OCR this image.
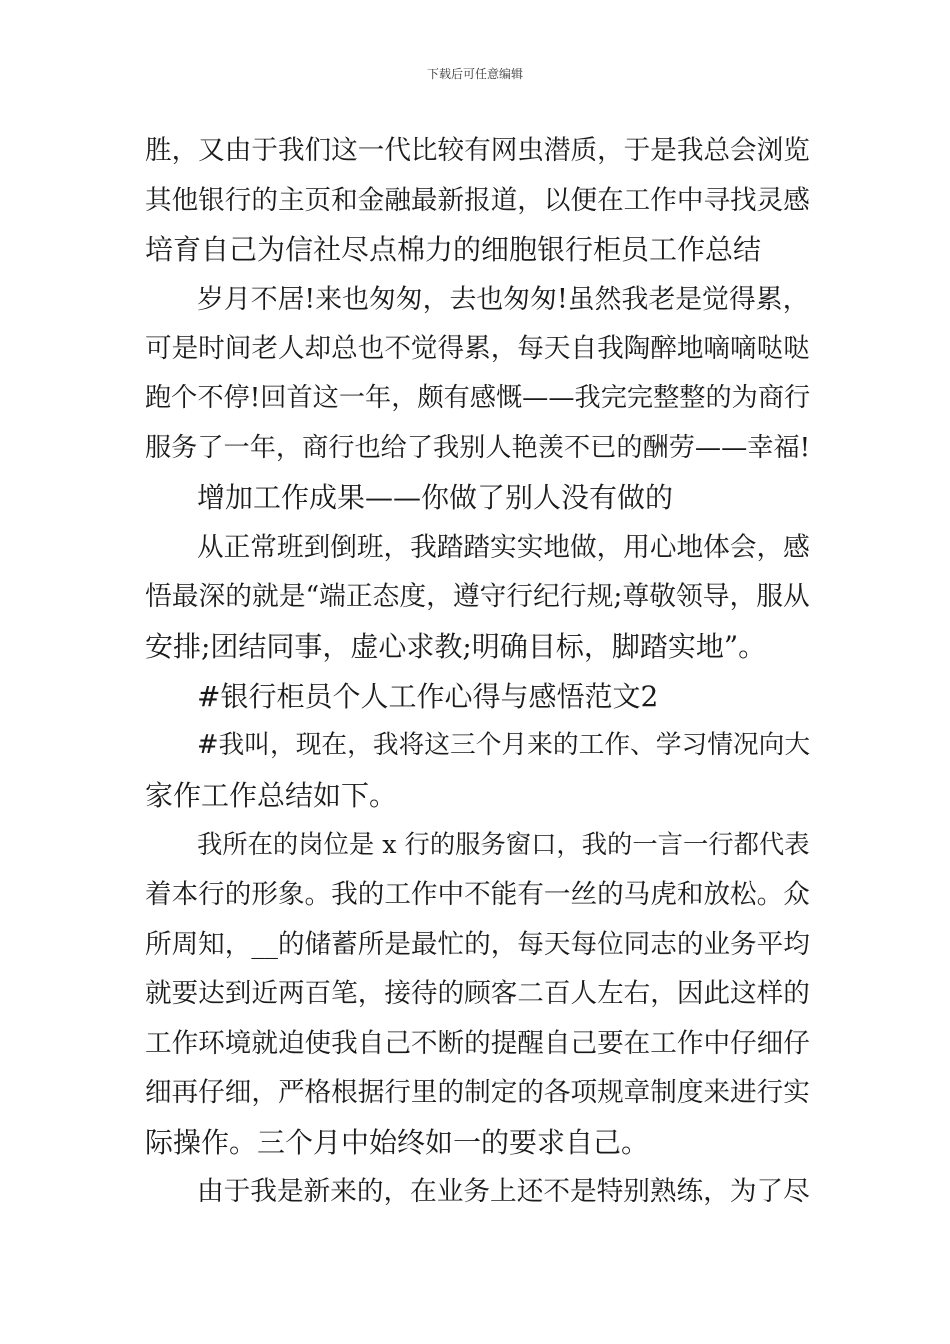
下载后可任意编辑
胜，又由于我们这一代比较有网虫潜质，于是我总会浏览
其他银行的主页和金融最新报道，以便在工作中寻找灵感
培育自己为信社尽点棉力的细胞银行柜员工作总结
岁月不居!来也匆匆，去也匆匆!虽然我老是觉得累，
可是时间老人却总也不觉得累，每天自我陶醉地嘀嘀哒哒
跑个不停!回首这一年，颇有感慨——我完完整整的为商行
服务了一年，商行也给了我别人艳羡不已的酬劳——幸福!
增加工作成果——你做了别人没有做的
从正常班到倒班，我踏踏实实地做，用心地体会，感
悟最深的就是“端正态度，遵守行纪行规;尊敬领导，服从
安排;团结同事，虚心求教;明确目标，脚踏实地”。
#银行柜员个人工作心得与感悟范文2
#我叫，现在，我将这三个月来的工作、学习情况向大
家作工作总结如下。
我所在的岗位是 x 行的服务窗口，我的一言一行都代表
着本行的形象。我的工作中不能有一丝的马虎和放松。众
所周知，__的储蓄所是最忙的，每天每位同志的业务平均
就要达到近两百笔，接待的顾客二百人左右，因此这样的
工作环境就迫使我自己不断的提醒自己要在工作中仔细仔
细再仔细，严格根据行里的制定的各项规章制度来进行实
际操作。三个月中始终如一的要求自己。
由于我是新来的，在业务上还不是特别熟练，为了尽
